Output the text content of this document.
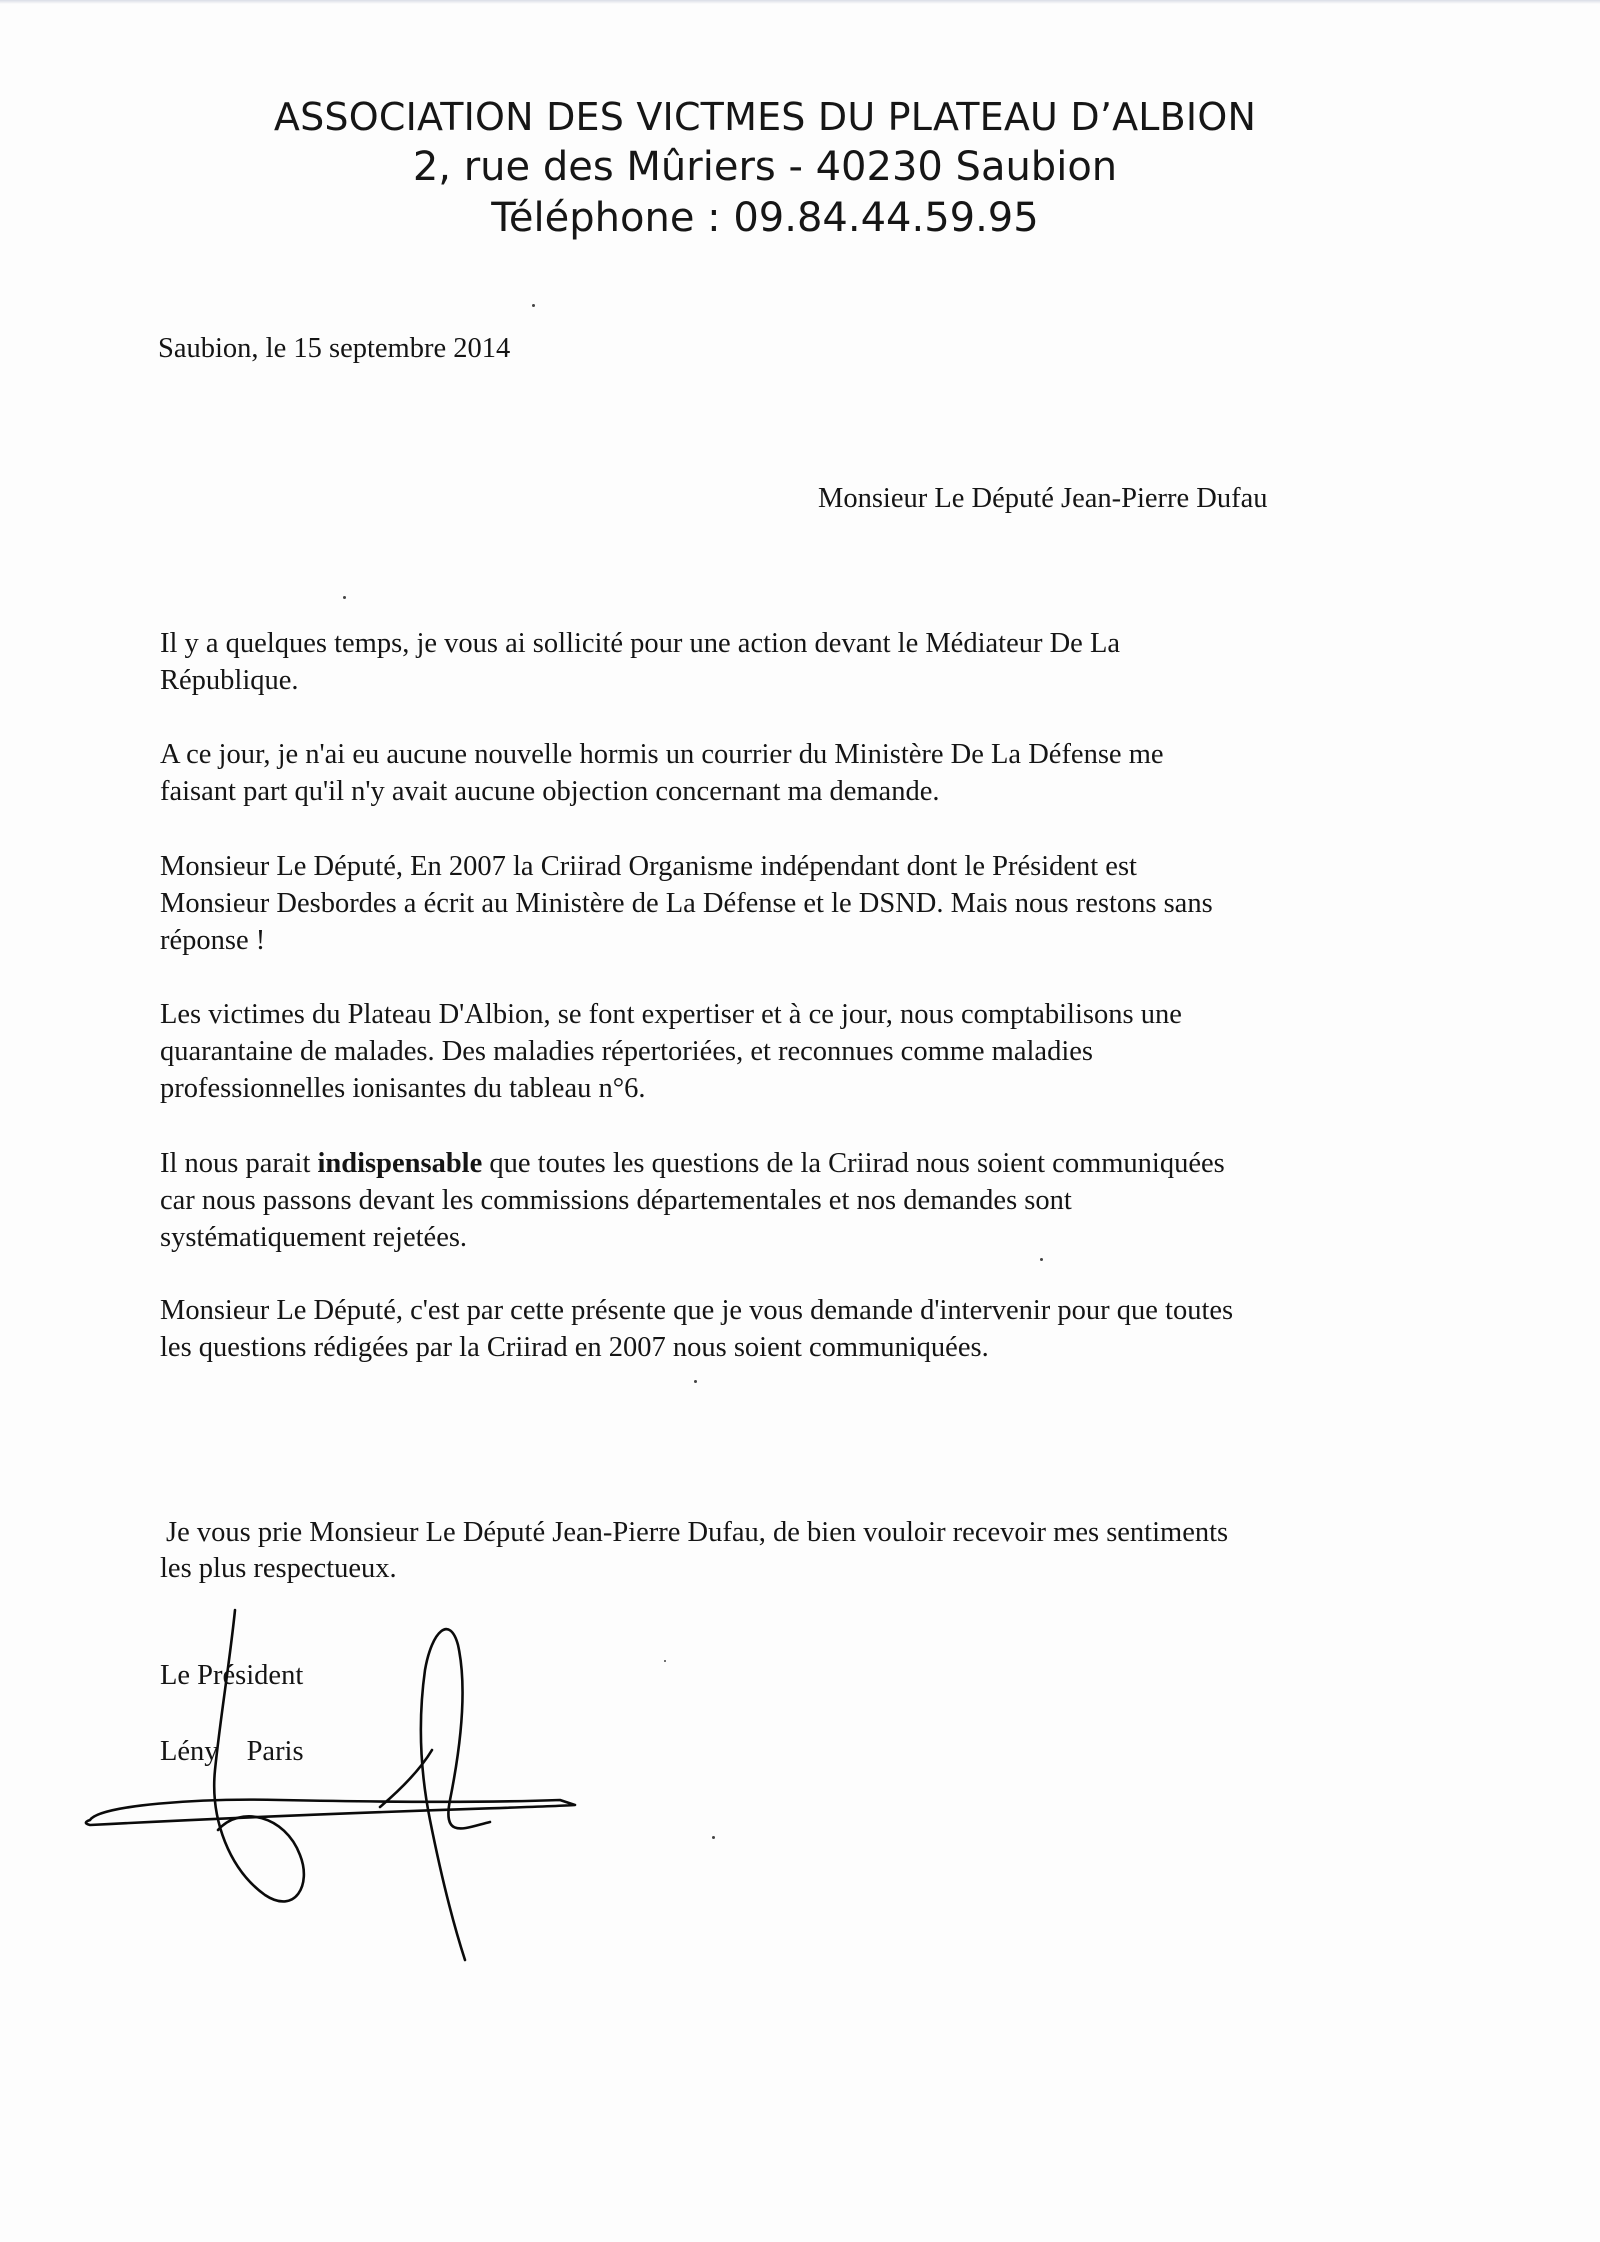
ASSOCIATION DES VICTMES DU PLATEAU D’ALBION
2, rue des Mûriers - 40230 Saubion
Téléphone : 09.84.44.59.95
Saubion, le 15 septembre 2014
Monsieur Le Député Jean-Pierre Dufau
Il y a quelques temps, je vous ai sollicité pour une action devant le Médiateur De La
République.
A ce jour, je n'ai eu aucune nouvelle hormis un courrier du Ministère De La Défense me
faisant part qu'il n'y avait aucune objection concernant ma demande.
Monsieur Le Député, En 2007 la Criirad Organisme indépendant dont le Président est
Monsieur Desbordes a écrit au Ministère de La Défense et le DSND. Mais nous restons sans
réponse !
Les victimes du Plateau D'Albion, se font expertiser et à ce jour, nous comptabilisons une
quarantaine de malades. Des maladies répertoriées, et reconnues comme maladies
professionnelles ionisantes du tableau n°6.
Il nous parait indispensable que toutes les questions de la Criirad nous soient communiquées
car nous passons devant les commissions départementales et nos demandes sont
systématiquement rejetées.
Monsieur Le Député, c'est par cette présente que je vous demande d'intervenir pour que toutes
les questions rédigées par la Criirad en 2007 nous soient communiquées.
Je vous prie Monsieur Le Député Jean-Pierre Dufau, de bien vouloir recevoir mes sentiments
les plus respectueux.
Le Président
Lény Paris
